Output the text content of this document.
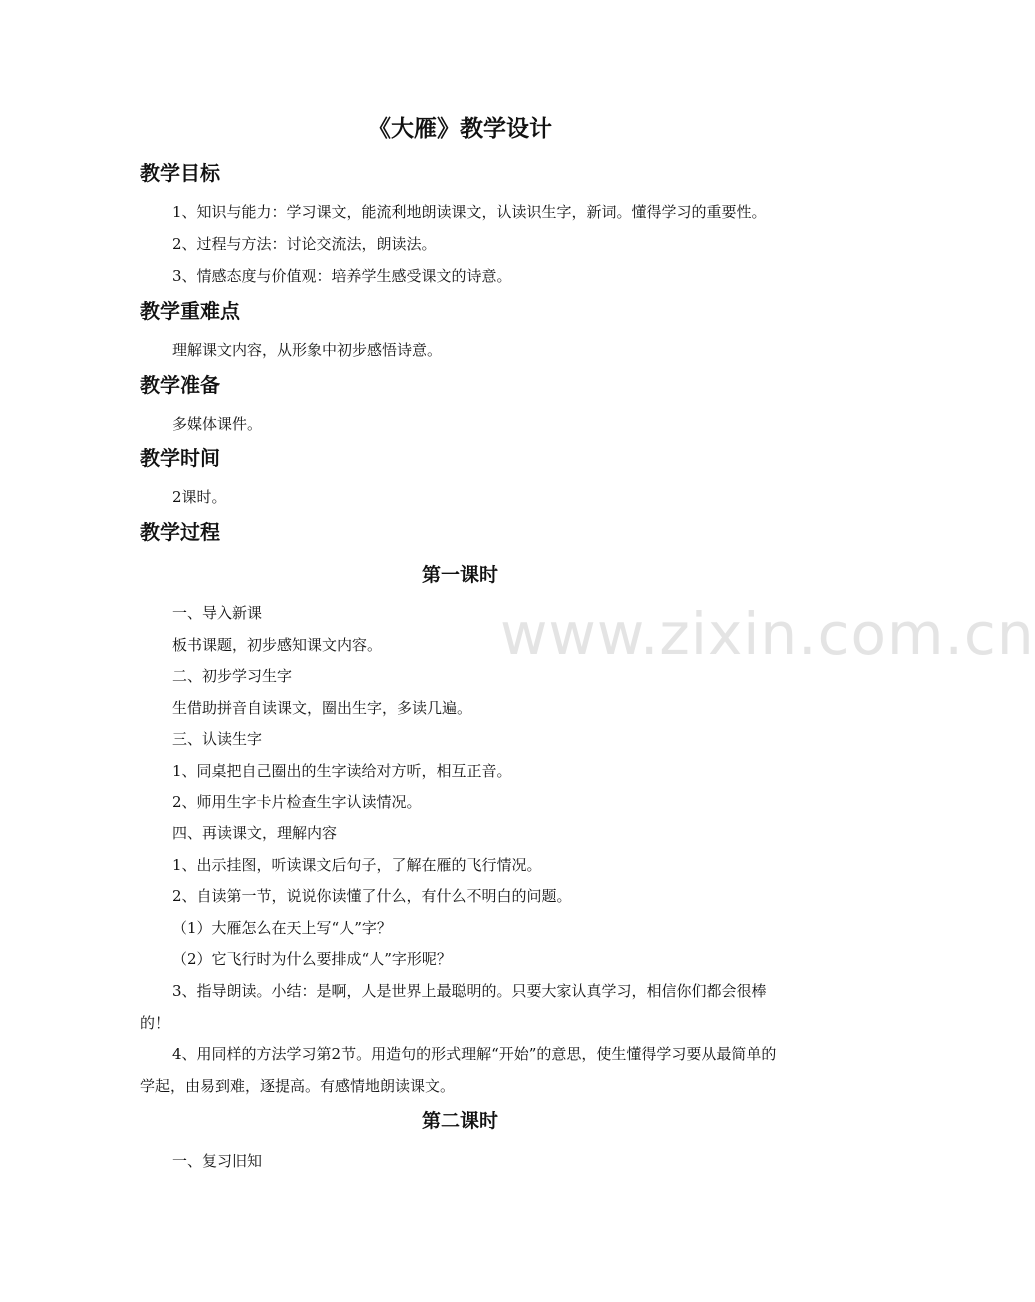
www.zixin.com.cn
《大雁》教学设计
教学目标
1、知识与能力：学习课文，能流利地朗读课文，认读识生字，新词。懂得学习的重要性。
2、过程与方法：讨论交流法，朗读法。
3、情感态度与价值观：培养学生感受课文的诗意。
教学重难点
理解课文内容，从形象中初步感悟诗意。
教学准备
多媒体课件。
教学时间
2课时。
教学过程
第一课时
一、导入新课
板书课题，初步感知课文内容。
二、初步学习生字
生借助拼音自读课文，圈出生字，多读几遍。
三、认读生字
1、同桌把自己圈出的生字读给对方听，相互正音。
2、师用生字卡片检查生字认读情况。
四、再读课文，理解内容
1、出示挂图，听读课文后句子，了解在雁的飞行情况。
2、自读第一节，说说你读懂了什么，有什么不明白的问题。
（1）大雁怎么在天上写“人”字？
（2）它飞行时为什么要排成“人”字形呢？
3、指导朗读。小结：是啊，人是世界上最聪明的。只要大家认真学习，相信你们都会很棒的！
4、用同样的方法学习第2节。用造句的形式理解“开始”的意思，使生懂得学习要从最简单的学起，由易到难，逐提高。有感情地朗读课文。
第二课时
一、复习旧知
